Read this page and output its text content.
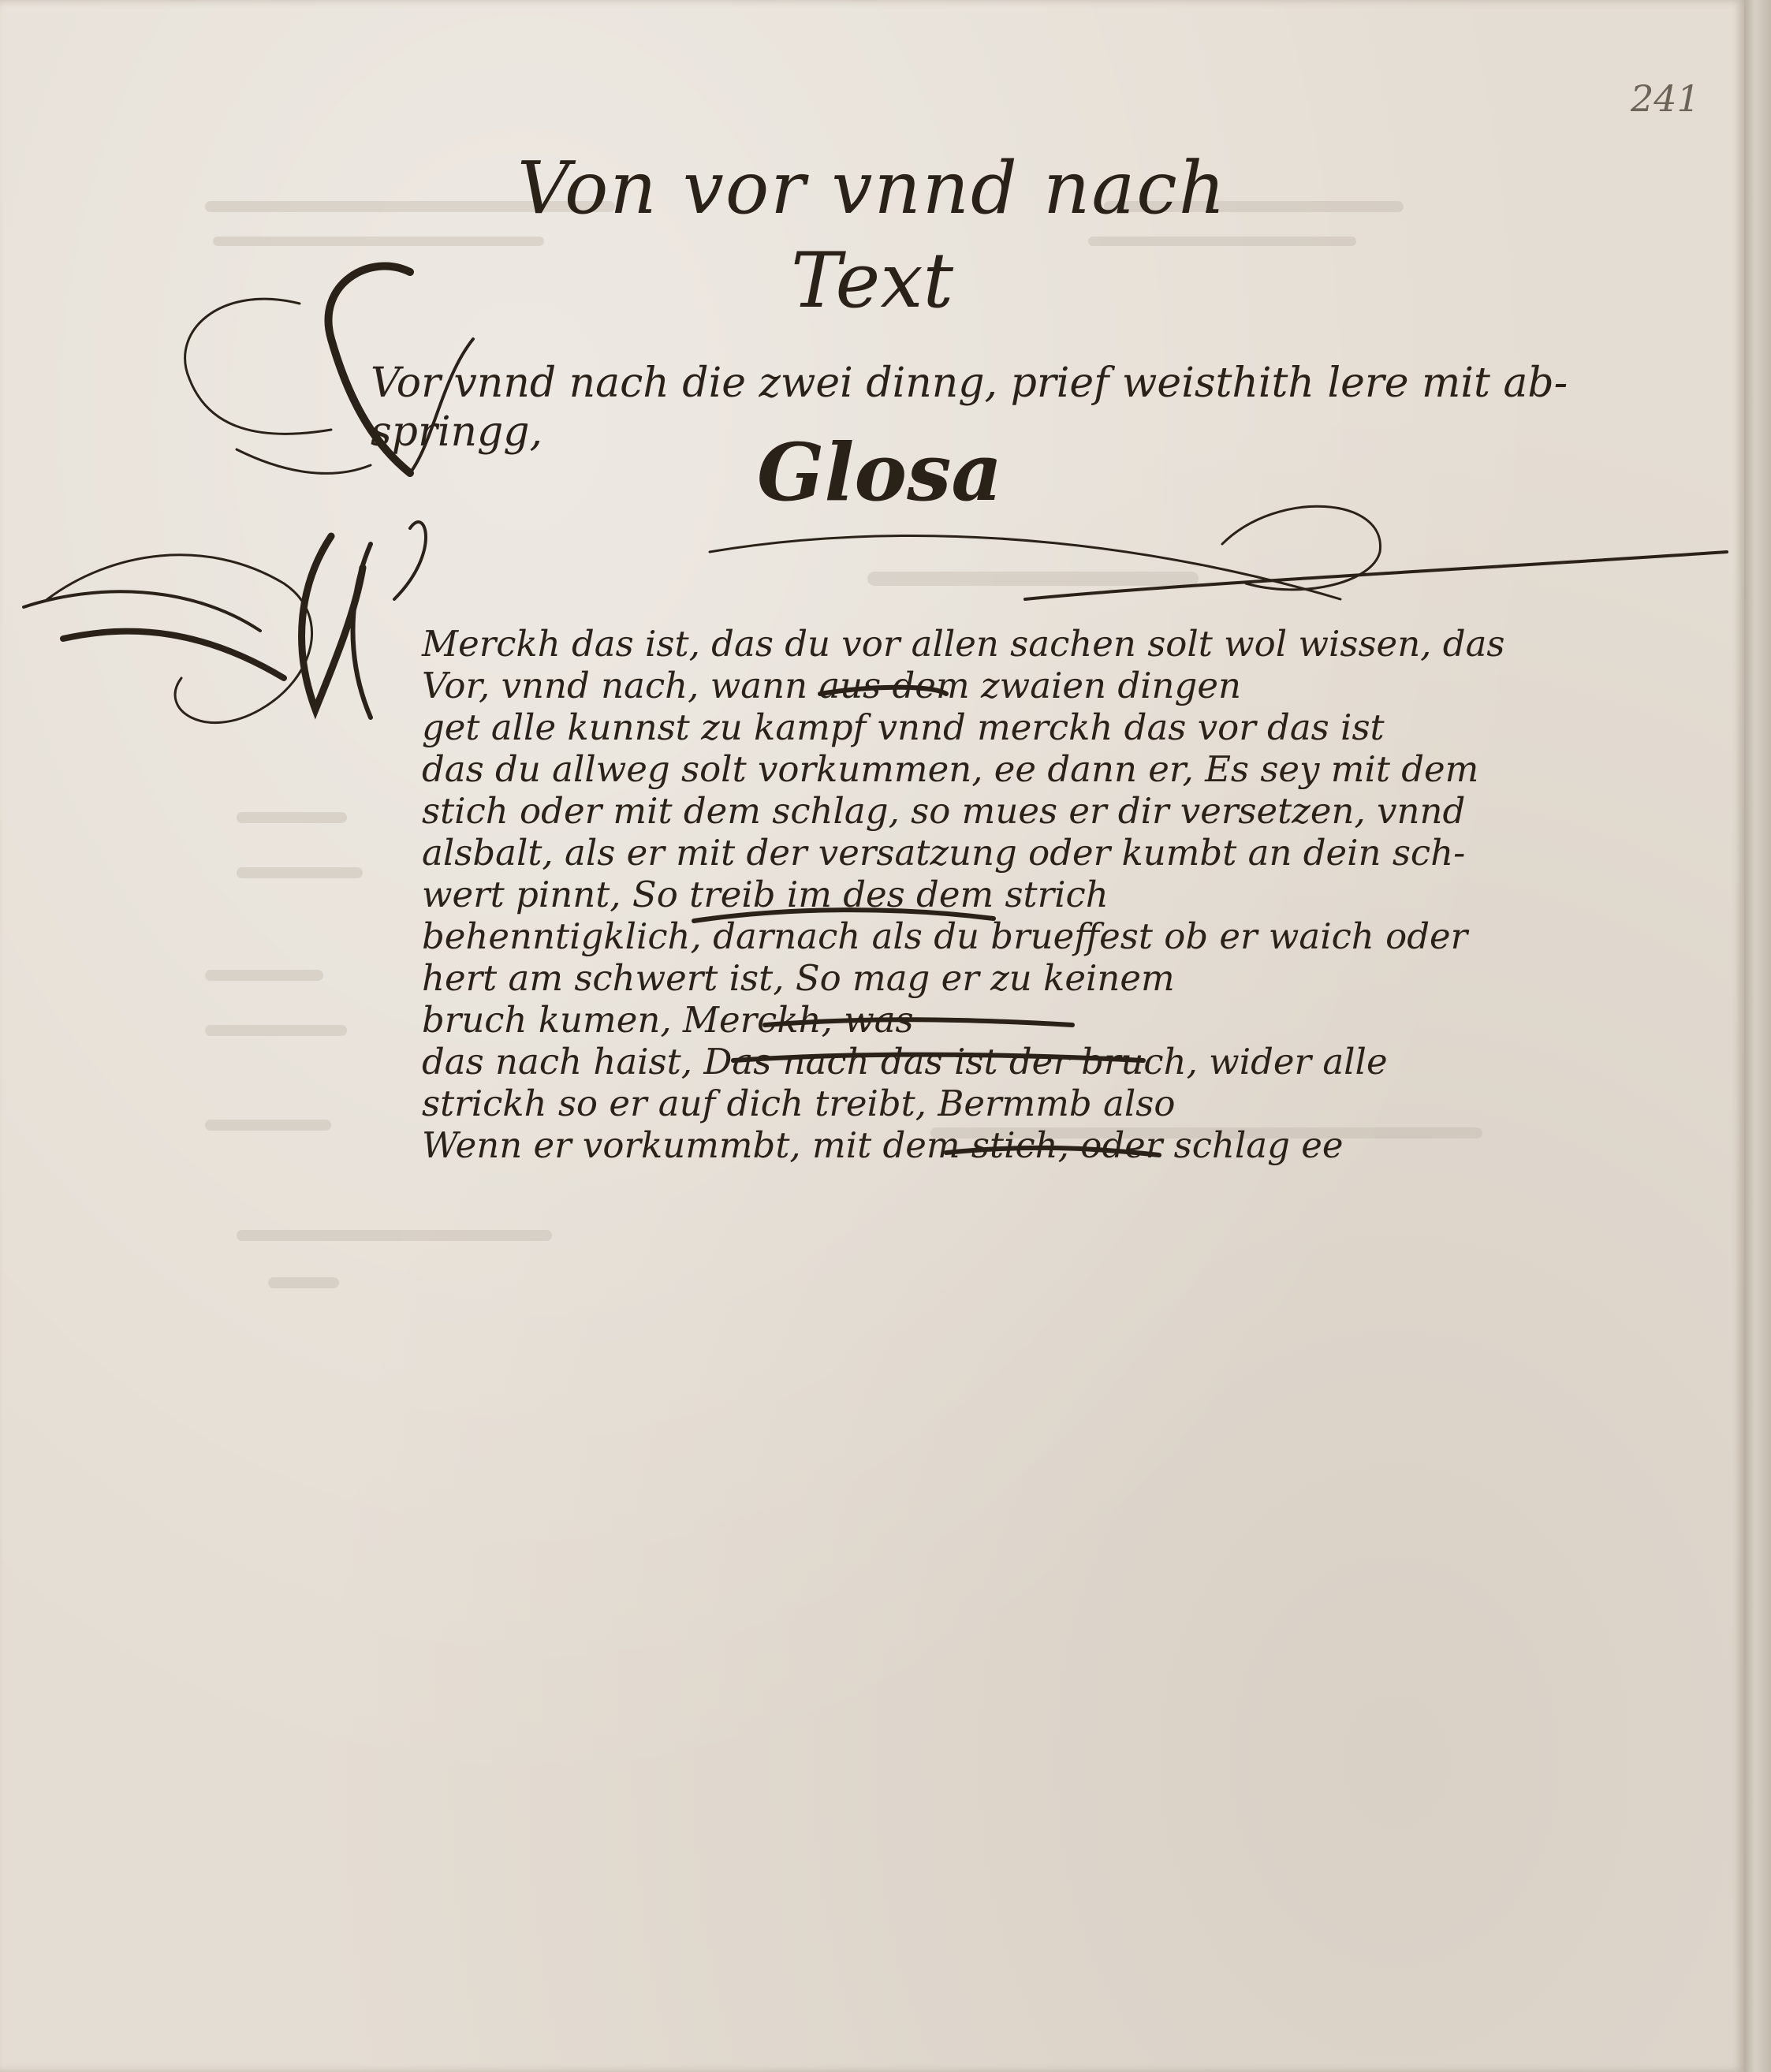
241
Von vor vnnd nach
Text
Vor vnnd nach die zwei dinng, prief weisthith lere mit ab-
springg,	Glosa
Merckh das ist, das du vor allen sachen solt wol wissen, das
Vor, vnnd nach, wann aus dem zwaien dingen
get alle kunnst zu kampf vnnd merckh das vor das ist
das du allweg solt vorkummen, ee dann er, Es sey mit dem
stich oder mit dem schlag, so mues er dir versetzen, vnnd
alsbalt, als er mit der versatzung oder kumbt an dein sch-
wert pinnt, So treib im des dem strich
behenntigklich, darnach als du brueffest ob er waich oder
hert am schwert ist, So mag er zu keinem
bruch kumen, Merckh, was
das nach haist, Das nach das ist der bruch, wider alle
strickh so er auf dich treibt, Bermmb also
Wenn er vorkummbt, mit dem stich, oder schlag ee
